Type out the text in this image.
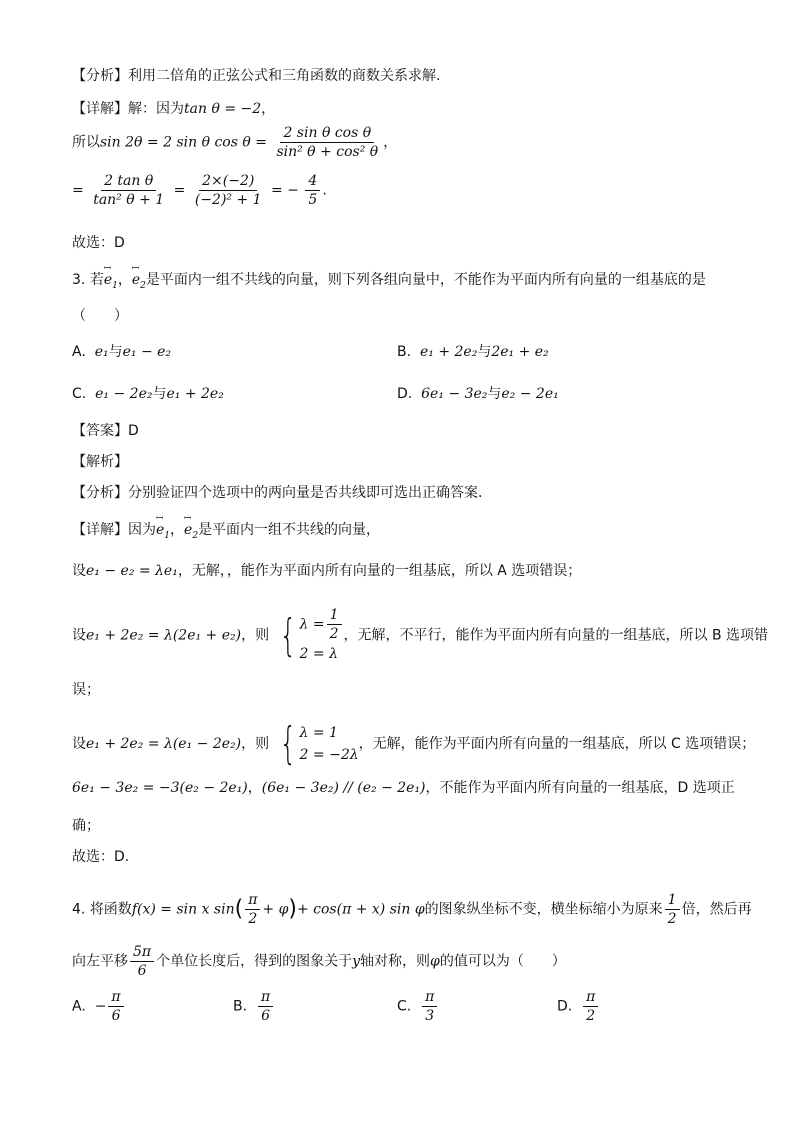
【分析】利用二倍角的正弦公式和三角函数的商数关系求解.
【详解】解：因为tan θ = −2，
所以sin 2θ = 2 sin θ $\cos \theta = \frac{\text{2 sin θ cos θ}}{\text{sin² θ + cos² θ}}$ ，
= $\frac{\text{2 tan θ}}{\text{tan² θ + 1}} = \frac{2\times(-2)}{\text{(−2)² + 1}}$ = − $\frac{4}{5}$ .
故选：D
3. 若ꟷ $e_1$，ꟷ $e_2$是平面内一组不共线的向量，则下列各组向量中，不能作为平面内所有向量的一组基底的是
（　　）
A. e₁与e₁ − e₂	B. e₁ + 2e₂与2e₁ + e₂
C. e₁ − 2e₂与e₁ + 2e₂	D. 6e₁ − 3e₂与e₂ − 2e₁
【答案】D
【解析】
【分析】分别验证四个选项中的两向量是否共线即可选出正确答案.
【详解】因为ꟷ $e_1$，ꟷ $e_2$是平面内一组不共线的向量，
设e₁ − e₂ = λe₁，无解，，能作为平面内所有向量的一组基底，所以 A 选项错误；
设e₁ + 2e₂ = λ(2e₁ + e₂)，则 { $\lambda = \frac{1}{2}$
2 = λ
，无解，不平行，能作为平面内所有向量的一组基底，所以 B 选项错
误；
设e₁ + 2e₂ = λ(e₁ − 2e₂)，则 { λ = 1
2 = −2λ
，无解，能作为平面内所有向量的一组基底，所以 C 选项错误；
6e₁ − 3e₂ = −3(e₂ − 2e₁)，(6e₁ − 3e₂) // (e₂ − 2e₁)，不能作为平面内所有向量的一组基底，D 选项正
确；
故选：D.
4. 将函数f(x) = sin x $\sin( \frac{\pi}{2} + \varphi)+ \cos(\pi + x)$ sin φ的图象纵坐标不变，横坐标缩小为原来 $\frac{1}{2}$ 倍，然后再
向左平移 $\frac{5\pi}{6}$ 个单位长度后，得到的图象关于y轴对称，则φ的值可以为（　　）
A. − $\frac{\pi}{6}$	B. $\frac{\pi}{6}$	C. $\frac{\pi}{3}$	D. $\frac{\pi}{2}$
